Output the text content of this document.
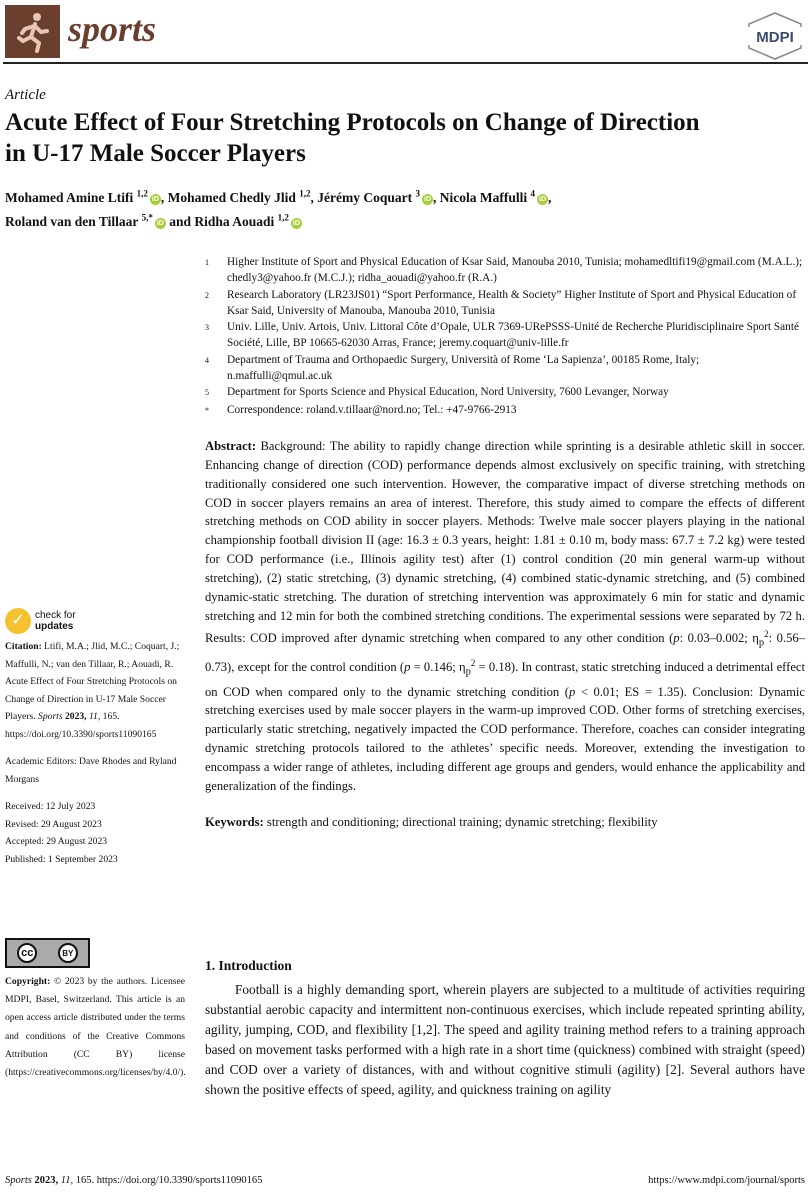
sports	MDPI
Article
Acute Effect of Four Stretching Protocols on Change of Direction in U-17 Male Soccer Players
Mohamed Amine Ltifi $^{1,2}$iD , Mohamed Chedly Jlid $^{1,2}$, Jérémy Coquart $^3$iD , Nicola Maffulli $^4$iD ,
Roland van den Tillaar $^{5,*}$iD and Ridha Aouadi $^{1,2}$iD
1	Higher Institute of Sport and Physical Education of Ksar Said, Manouba 2010, Tunisia; mohamedltifi19@gmail.com (M.A.L.); chedly3@yahoo.fr (M.C.J.); ridha_aouadi@yahoo.fr (R.A.)
2	Research Laboratory (LR23JS01) “Sport Performance, Health & Society” Higher Institute of Sport and Physical Education of Ksar Said, University of Manouba, Manouba 2010, Tunisia
3	Univ. Lille, Univ. Artois, Univ. Littoral Côte d’Opale, ULR 7369-URePSSS-Unité de Recherche Pluridisciplinaire Sport Santé Société, Lille, BP 10665-62030 Arras, France; jeremy.coquart@univ-lille.fr
4	Department of Trauma and Orthopaedic Surgery, Università of Rome ‘La Sapienza’, 00185 Rome, Italy; n.maffulli@qmul.ac.uk
5	Department for Sports Science and Physical Education, Nord University, 7600 Levanger, Norway
*	Correspondence: roland.v.tillaar@nord.no; Tel.: +47-9766-2913

Abstract: Background: The ability to rapidly change direction while sprinting is a desirable athletic skill in soccer. Enhancing change of direction (COD) performance depends almost exclusively on specific training, with stretching traditionally considered one such intervention. However, the comparative impact of diverse stretching methods on COD in soccer players remains an area of interest. Therefore, this study aimed to compare the effects of different stretching methods on COD ability in soccer players. Methods: Twelve male soccer players playing in the national championship football division II (age: 16.3 ± 0.3 years, height: 1.81 ± 0.10 m, body mass: 67.7 ± 7.2 kg) were tested for COD performance (i.e., Illinois agility test) after (1) control condition (20 min general warm-up without stretching), (2) static stretching, (3) dynamic stretching, (4) combined static-dynamic stretching, and (5) combined dynamic-static stretching. The duration of stretching intervention was approximately 6 min for static and dynamic stretching and 12 min for both the combined stretching conditions. The experimental sessions were separated by 72 h. Results: COD improved after dynamic stretching when compared to any other condition (p: 0.03–0.002; $\eta_p^2$: 0.56–0.73), except for the control condition (p = 0.146; $\eta_p^2 = 0.18$). In contrast, static stretching induced a detrimental effect on COD when compared only to the dynamic stretching condition (p < 0.01; ES = 1.35). Conclusion: Dynamic stretching exercises used by male soccer players in the warm-up improved COD. Other forms of stretching exercises, particularly static stretching, negatively impacted the COD performance. Therefore, coaches can consider integrating dynamic stretching protocols tailored to the athletes’ specific needs. Moreover, extending the investigation to encompass a wider range of athletes, including different age groups and genders, would enhance the applicability and generalization of the findings.

Keywords: strength and conditioning; directional training; dynamic stretching; flexibility

✓	check for
updates

Citation: Ltifi, M.A.; Jlid, M.C.; Coquart, J.; Maffulli, N.; van den Tillaar, R.; Aouadi, R. Acute Effect of Four Stretching Protocols on Change of Direction in U-17 Male Soccer Players. Sports 2023, 11, 165. https://doi.org/10.3390/sports11090165

Academic Editors: Dave Rhodes and Ryland Morgans

Received: 12 July 2023

Revised: 29 August 2023

Accepted: 29 August 2023

Published: 1 September 2023

cc	BY

Copyright: © 2023 by the authors. Licensee MDPI, Basel, Switzerland. This article is an open access article distributed under the terms and conditions of the Creative Commons Attribution (CC BY) license (https://creativecommons.org/licenses/by/4.0/).

1. Introduction

Football is a highly demanding sport, wherein players are subjected to a multitude of activities requiring substantial aerobic capacity and intermittent non-continuous exercises, which include repeated sprinting ability, agility, jumping, COD, and flexibility [1,2]. The speed and agility training method refers to a training approach based on movement tasks performed with a high rate in a short time (quickness) combined with straight (speed) and COD over a variety of distances, with and without cognitive stimuli (agility) [2]. Several authors have shown the positive effects of speed, agility, and quickness training on agility

Sports 2023, 11, 165. https://doi.org/10.3390/sports11090165	https://www.mdpi.com/journal/sports
